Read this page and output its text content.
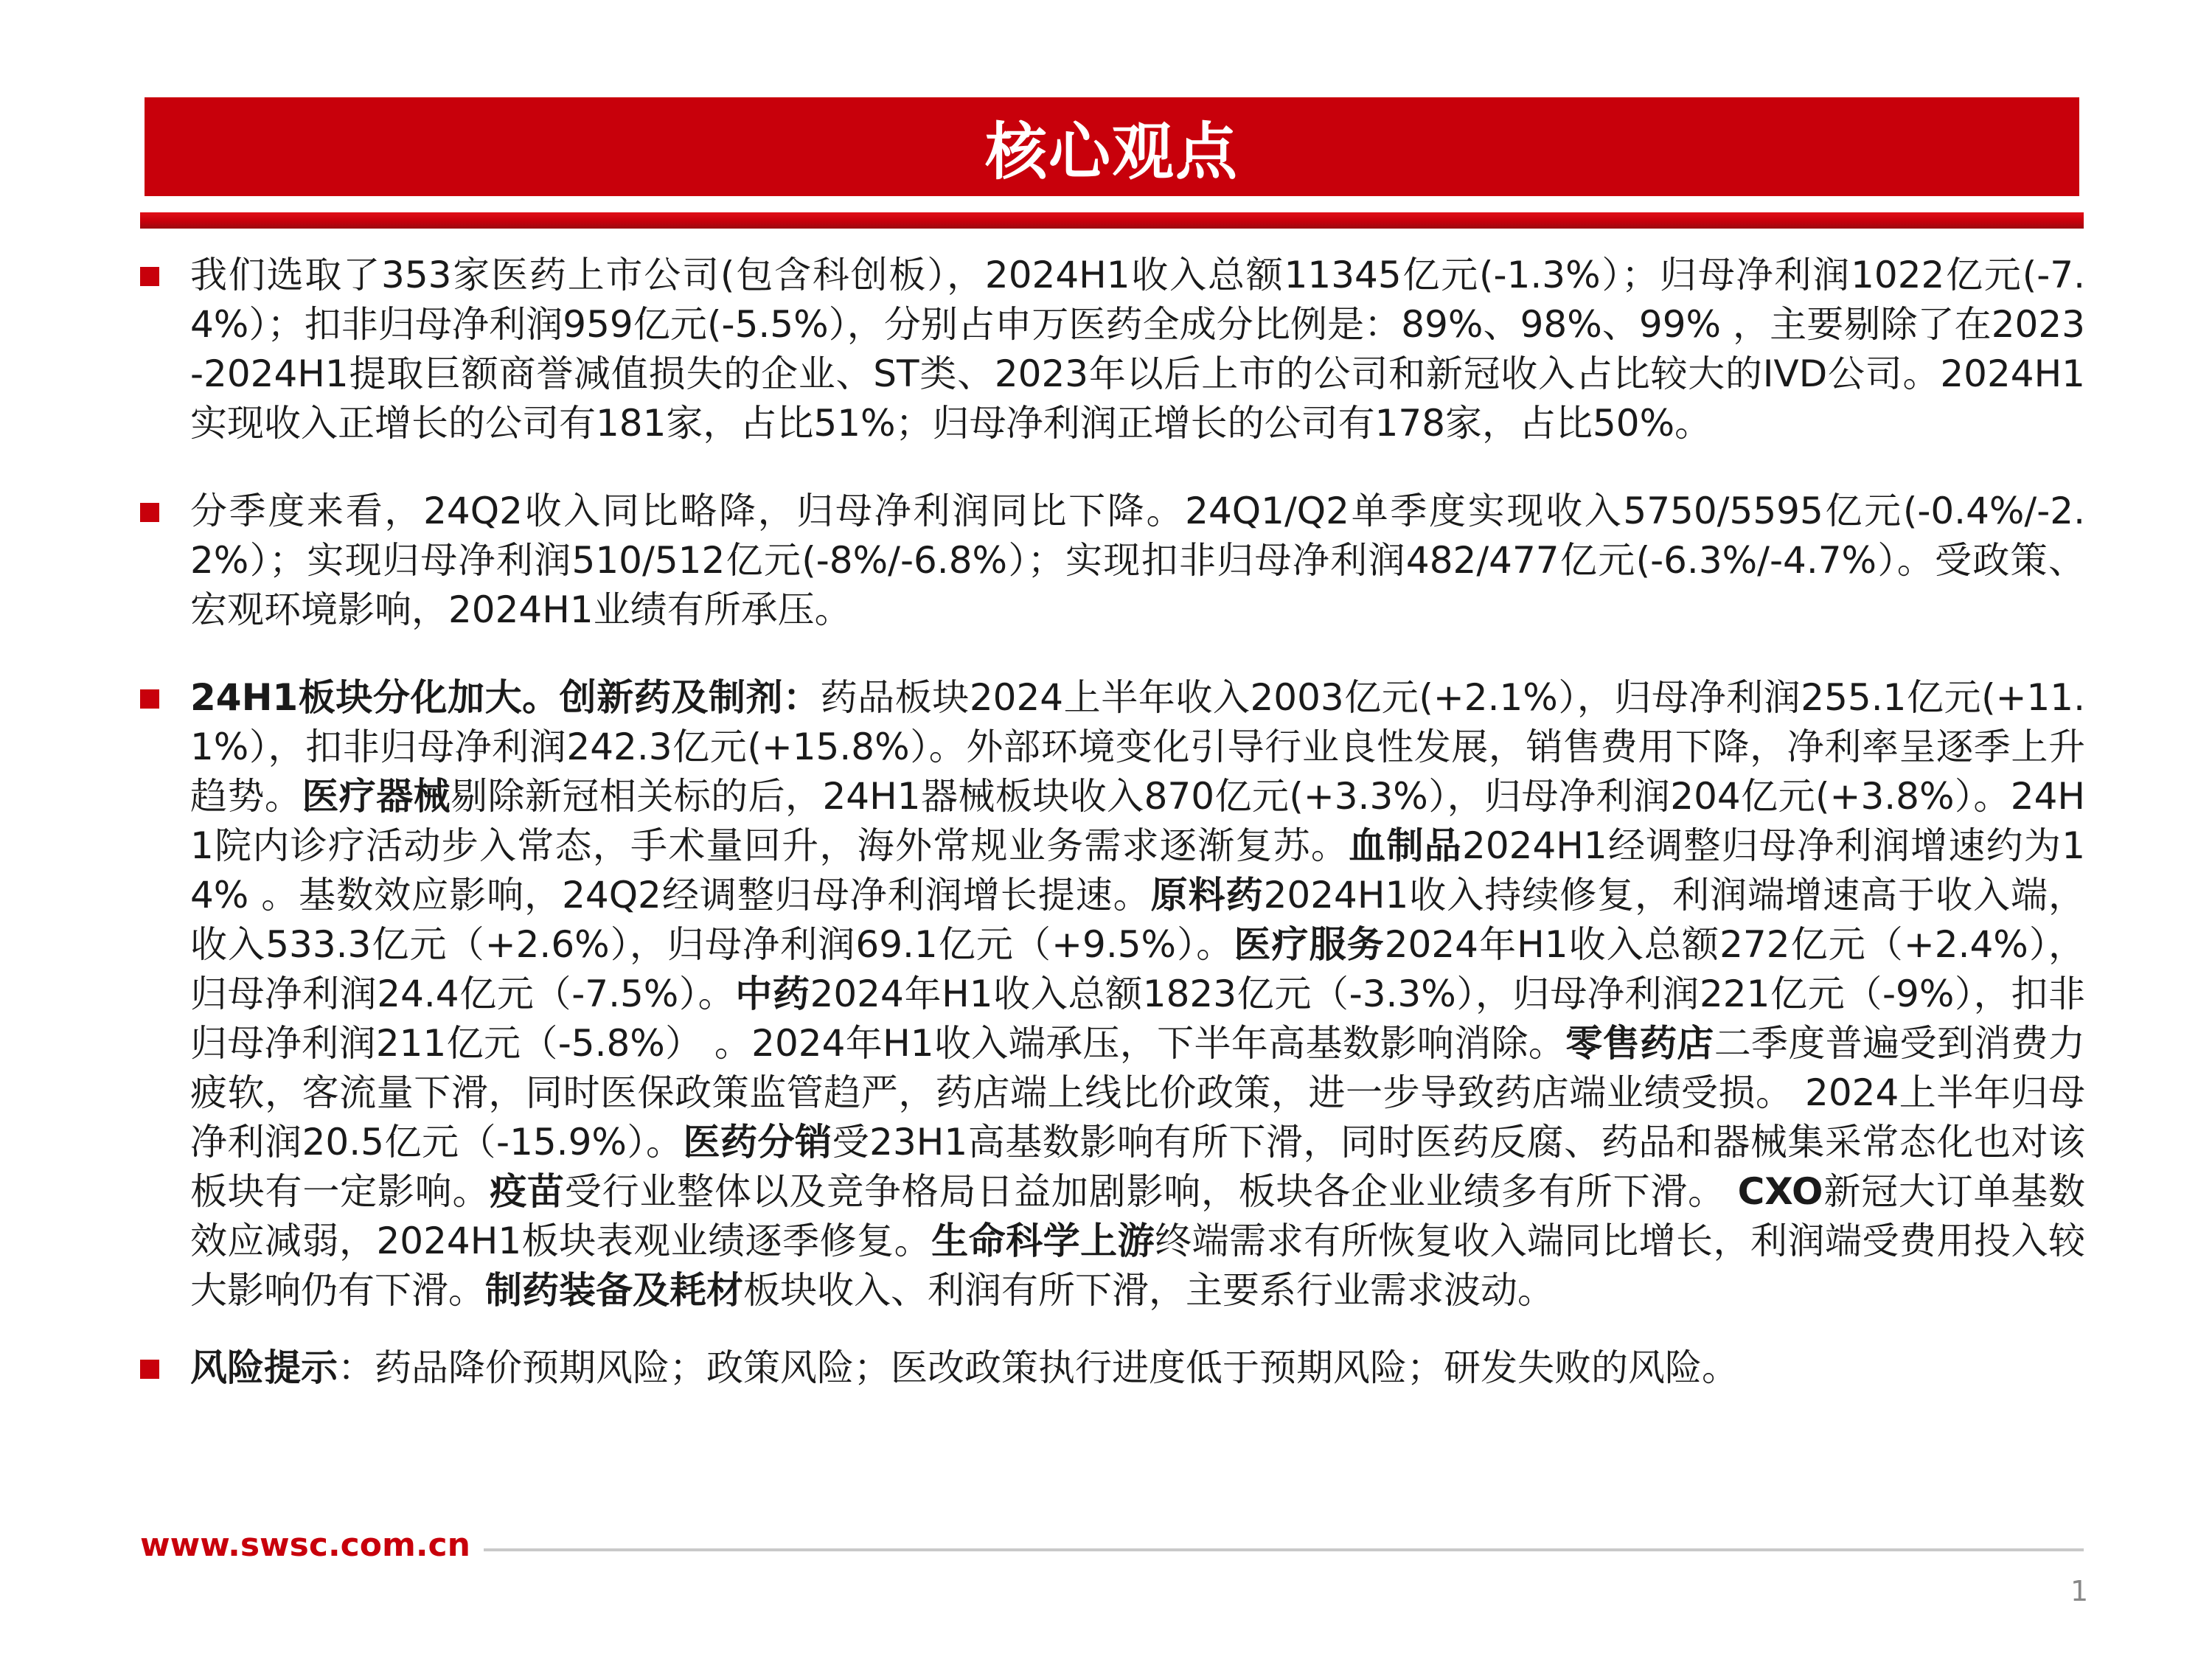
核心观点
我们选取了353家医药上市公司(包含科创板），2024H1收入总额11345亿元(-1.3%）；归母净利润1022亿元(-7.4%）；扣非归母净利润959亿元(-5.5%），分别占申万医药全成分比例是：89%、98%、99% ，主要剔除了在2023-2024H1提取巨额商誉减值损失的企业、ST类、2023年以后上市的公司和新冠收入占比较大的IVD公司。2024H1实现收入正增长的公司有181家，占比51%；归母净利润正增长的公司有178家，占比50%。
分季度来看，24Q2收入同比略降，归母净利润同比下降。24Q1/Q2单季度实现收入5750/5595亿元(-0.4%/-2.2%）；实现归母净利润510/512亿元(-8%/-6.8%）；实现扣非归母净利润482/477亿元(-6.3%/-4.7%）。受政策、宏观环境影响，2024H1业绩有所承压。
24H1板块分化加大。创新药及制剂：药品板块2024上半年收入2003亿元(+2.1%），归母净利润255.1亿元(+11.1%），扣非归母净利润242.3亿元(+15.8%）。外部环境变化引导行业良性发展，销售费用下降，净利率呈逐季上升趋势。医疗器械剔除新冠相关标的后，24H1器械板块收入870亿元(+3.3%），归母净利润204亿元(+3.8%）。24H1院内诊疗活动步入常态，手术量回升，海外常规业务需求逐渐复苏。血制品2024H1经调整归母净利润增速约为14% 。基数效应影响，24Q2经调整归母净利润增长提速。原料药2024H1收入持续修复，利润端增速高于收入端，收入533.3亿元（+2.6%），归母净利润69.1亿元（+9.5%）。医疗服务2024年H1收入总额272亿元（+2.4%），归母净利润24.4亿元（-7.5%）。中药2024年H1收入总额1823亿元（-3.3%），归母净利润221亿元（-9%），扣非归母净利润211亿元（-5.8%） 。2024年H1收入端承压，下半年高基数影响消除。零售药店二季度普遍受到消费力疲软，客流量下滑，同时医保政策监管趋严，药店端上线比价政策，进一步导致药店端业绩受损。 2024上半年归母净利润20.5亿元（-15.9%）。医药分销受23H1高基数影响有所下滑，同时医药反腐、药品和器械集采常态化也对该板块有一定影响。疫苗受行业整体以及竞争格局日益加剧影响，板块各企业业绩多有所下滑。 CXO新冠大订单基数效应减弱，2024H1板块表观业绩逐季修复。生命科学上游终端需求有所恢复收入端同比增长，利润端受费用投入较大影响仍有下滑。制药装备及耗材板块收入、利润有所下滑，主要系行业需求波动。
风险提示：药品降价预期风险；政策风险；医改政策执行进度低于预期风险；研发失败的风险。
www.swsc.com.cn
1
